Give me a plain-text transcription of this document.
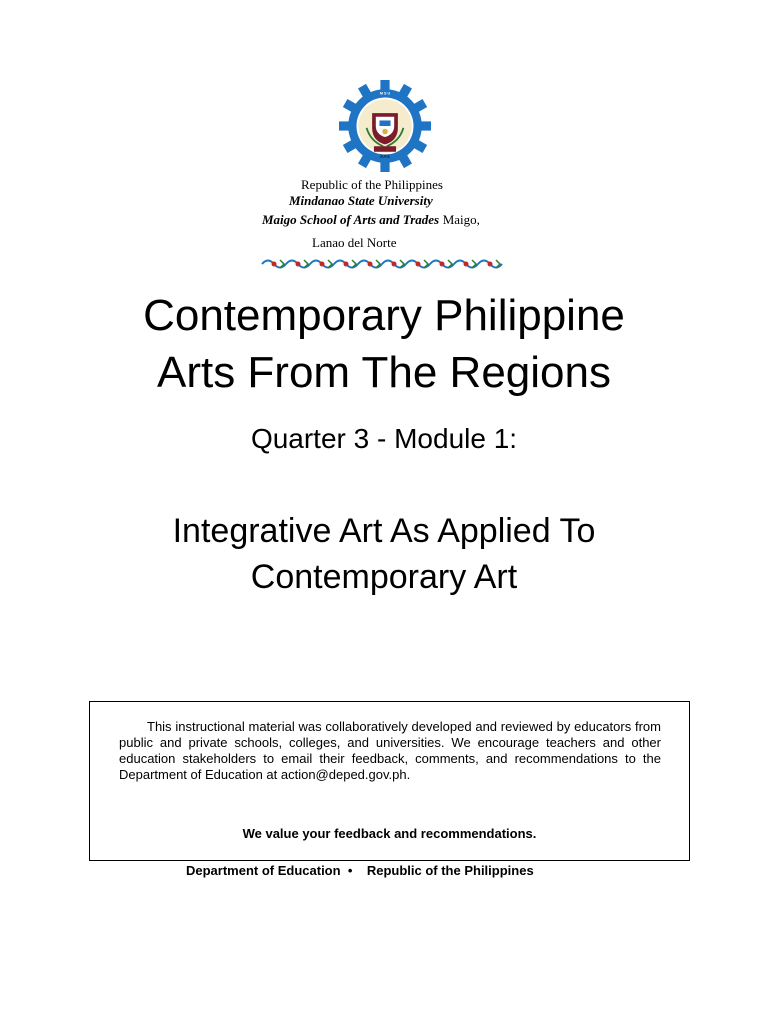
M S U
2001
Republic of the Philippines
Mindanao State University
Maigo School of Arts and Trades Maigo,
Lanao del Norte
Contemporary Philippine
Arts From The Regions
Quarter 3 - Module 1:
Integrative Art As Applied To
Contemporary Art
This instructional material was collaboratively developed and reviewed by educators from public and private schools, colleges, and universities. We encourage teachers and other education stakeholders to email their feedback, comments, and recommendations to the Department of Education at action@deped.gov.ph.
We value your feedback and recommendations.
Department of Education  •    Republic of the Philippines
